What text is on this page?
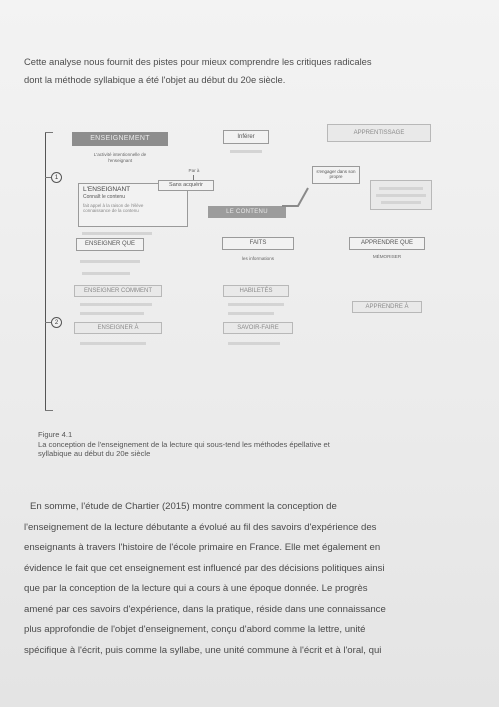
Cette analyse nous fournit des pistes pour mieux comprendre les critiques radicales

dont la méthode syllabique a été l'objet au début du 20e siècle.

1
2
ENSEIGNEMENT	Inférer
APPRENTISSAGE
L'activité intentionnelle de l'enseignant
Par à
L'ENSEIGNANT
Connaît le contenu
fait appel à la raison de l'élève
connaissance de la contenu
Sans acquérir
LE CONTENU
s'engager dans son propre
ENSEIGNER QUE	FAITS
les informations
APPRENDRE QUE
MÉMORISER
ENSEIGNER COMMENT	HABILETÉS
APPRENDRE À
ENSEIGNER À	SAVOIR-FAIRE

Figure 4.1

La conception de l'enseignement de la lecture qui sous-tend les méthodes épellative et

syllabique au début du 20e siècle

En somme, l'étude de Chartier (2015) montre comment la conception de

l'enseignement de la lecture débutante a évolué au fil des savoirs d'expérience des

enseignants à travers l'histoire de l'école primaire en France. Elle met également en

évidence le fait que cet enseignement est influencé par des décisions politiques ainsi

que par la conception de la lecture qui a cours à une époque donnée. Le progrès

amené par ces savoirs d'expérience, dans la pratique, réside dans une connaissance

plus approfondie de l'objet d'enseignement, conçu d'abord comme la lettre, unité

spécifique à l'écrit, puis comme la syllabe, une unité commune à l'écrit et à l'oral, qui
